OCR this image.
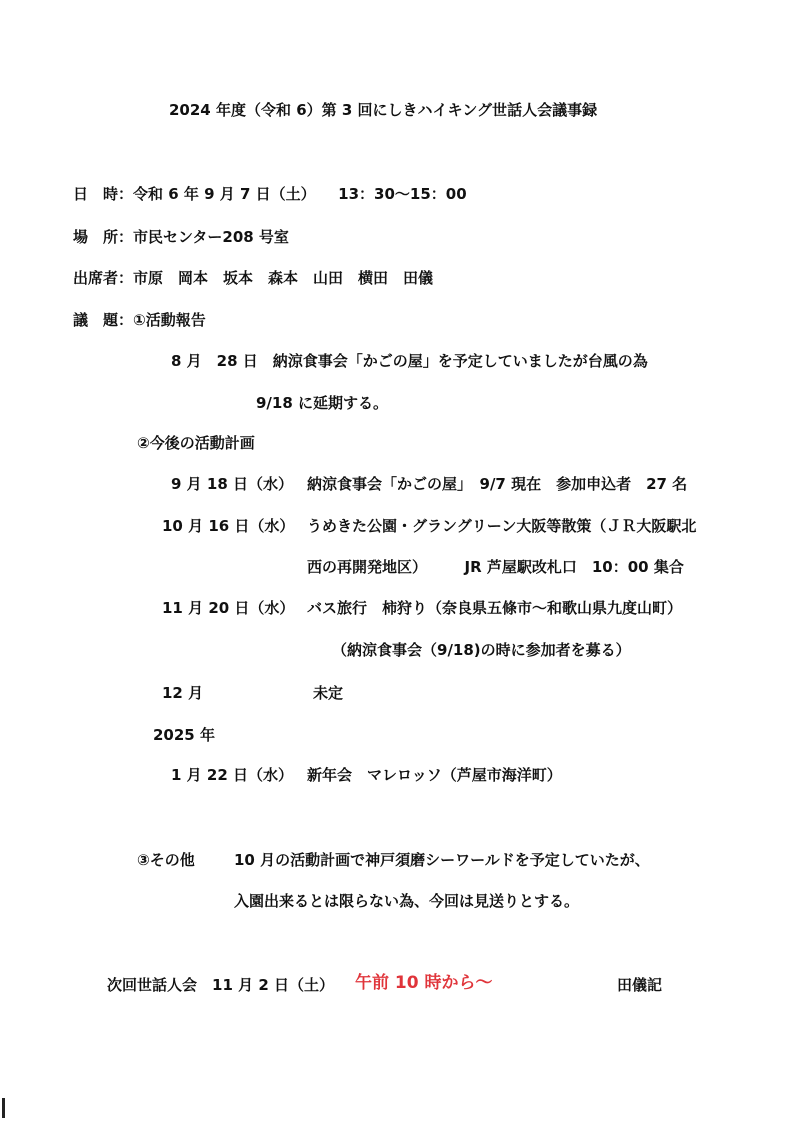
2024 年度（令和 6）第 3 回にしきハイキング世話人会議事録
日　時：令和 6 年 9 月 7 日（土）　　13：30～15：00
場　所：市民センター208 号室
出席者：市原　岡本　坂本　森本　山田　横田　田儀
議　題：①活動報告
8 月　28 日　納涼食事会「かごの屋」を予定していましたが台風の為
9/18 に延期する。
②今後の活動計画
9 月 18 日（水） 納涼食事会「かごの屋」　9/7 現在　参加申込者　27 名
10 月 16 日（水） うめきた公園・グラングリーン大阪等散策（ＪＲ大阪駅北
西の再開発地区）　　　JR 芦屋駅改札口　10：00 集合
11 月 20 日（水） バス旅行　柿狩り（奈良県五條市～和歌山県九度山町）
（納涼食事会（9/18)の時に参加者を募る）
12 月	未定
2025 年
1 月 22 日（水） 新年会　マレロッソ（芦屋市海洋町）
③その他	10 月の活動計画で神戸須磨シーワールドを予定していたが、
入園出来るとは限らない為、今回は見送りとする。
次回世話人会　11 月 2 日（土） 午前 10 時から～	田儀記
